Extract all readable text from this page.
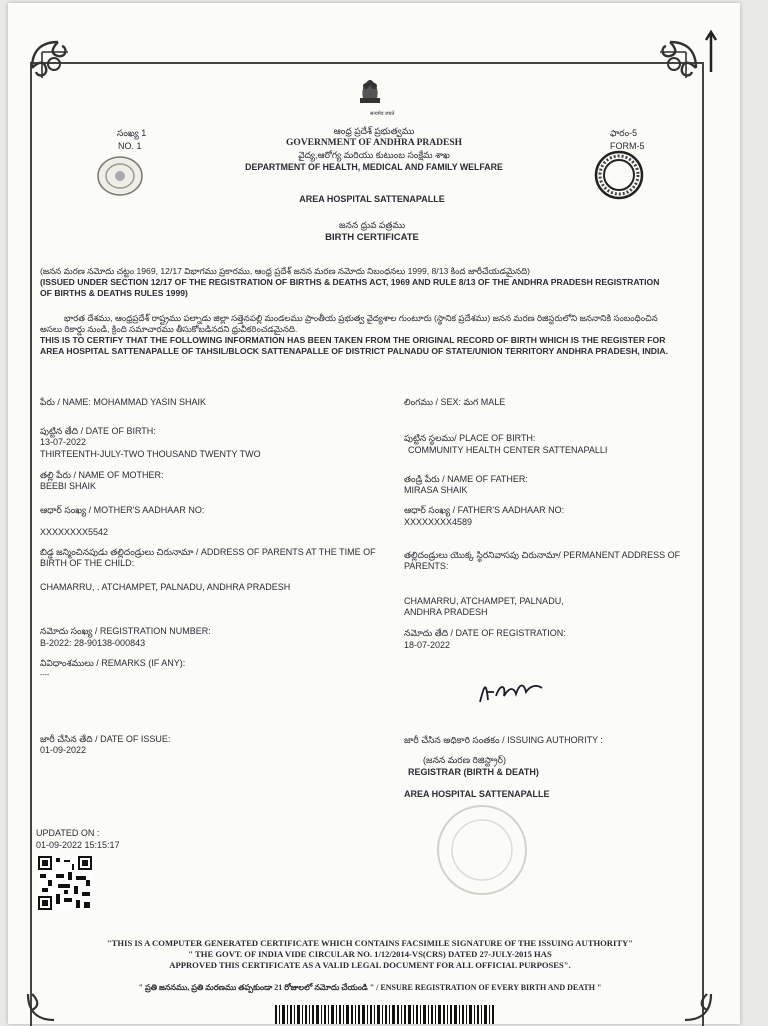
सत्यमेव जयते
సంఖ్య 1
NO. 1
ఆంధ్ర ప్రదేశ్ ప్రభుత్వము
GOVERNMENT OF ANDHRA PRADESH
వైద్య,ఆరోగ్య మరియు కుటుంబ సంక్షేమ శాఖ
DEPARTMENT OF HEALTH, MEDICAL AND FAMILY WELFARE
ఫారం-5
FORM-5
AREA HOSPITAL SATTENAPALLE
జనన ధ్రువ పత్రము
BIRTH CERTIFICATE
(జనన మరణ నమోదు చట్టం 1969, 12/17 విభాగము ప్రకారము, ఆంధ్ర ప్రదేశ్ జనన మరణ నమోదు నిబంధనలు 1999, 8/13 కింద జారీచేయడమైనది)
(ISSUED UNDER SECTION 12/17 OF THE REGISTRATION OF BIRTHS & DEATHS ACT, 1969 AND RULE 8/13 OF THE ANDHRA PRADESH REGISTRATION OF BIRTHS & DEATHS RULES 1999)
భారత దేశము, ఆంధ్రప్రదేశ్ రాష్ట్రము పల్నాడు జిల్లా సత్తెనపల్లి మండలము ప్రాంతీయ ప్రభుత్వ వైద్యశాల గుంటూరు (స్థానిక ప్రదేశము) జనన మరణ రిజిస్టరులోని జననానికి సంబంధించిన అసలు రికార్డు నుండి, క్రింది సమాచారము తీసుకోబడినదని ధ్రువీకరించడమైనది.
THIS IS TO CERTIFY THAT THE FOLLOWING INFORMATION HAS BEEN TAKEN FROM THE ORIGINAL RECORD OF BIRTH WHICH IS THE REGISTER FOR AREA HOSPITAL SATTENAPALLE OF TAHSIL/BLOCK SATTENAPALLE OF DISTRICT PALNADU OF STATE/UNION TERRITORY ANDHRA PRADESH, INDIA.
పేరు / NAME: MOHAMMAD YASIN SHAIK	లింగము / SEX: మగ MALE
పుట్టిన తేది / DATE OF BIRTH:
13-07-2022
THIRTEENTH-JULY-TWO THOUSAND TWENTY TWO
పుట్టిన స్థలము/ PLACE OF BIRTH:
COMMUNITY HEALTH CENTER SATTENAPALLI
తల్లి పేరు / NAME OF MOTHER:
BEEBI SHAIK
తండ్రి పేరు / NAME OF FATHER:
MIRASA SHAIK
ఆధార్ సంఖ్య / MOTHER'S AADHAAR NO:
XXXXXXXX5542
ఆధార్ సంఖ్య / FATHER'S AADHAAR NO:
XXXXXXXX4589
బిడ్డ జన్మించినపుడు తల్లిదండ్రులు చిరునామా / ADDRESS OF PARENTS AT THE TIME OF BIRTH OF THE CHILD:
CHAMARRU, . ATCHAMPET, PALNADU, ANDHRA PRADESH
తల్లిదండ్రులు యొక్క స్థిరనివాసపు చిరునామా/ PERMANENT ADDRESS OF PARENTS:
CHAMARRU, ATCHAMPET, PALNADU,
ANDHRA PRADESH
నమోదు సంఖ్య / REGISTRATION NUMBER:
B-2022: 28-90138-000843
నమోదు తేది / DATE OF REGISTRATION:
18-07-2022
వివిధాంశములు / REMARKS (IF ANY):
----
జారీ చేసిన తేది / DATE OF ISSUE:
01-09-2022
జారీ చేసిన అధికారి సంతకం / ISSUING AUTHORITY :
(జనన మరణ రిజిస్ట్రార్)
REGISTRAR (BIRTH & DEATH)
AREA HOSPITAL SATTENAPALLE
UPDATED ON :
01-09-2022 15:15:17
"THIS IS A COMPUTER GENERATED CERTIFICATE WHICH CONTAINS FACSIMILE SIGNATURE OF THE ISSUING AUTHORITY"
" THE GOVT. OF INDIA VIDE CIRCULAR NO. 1/12/2014-VS(CRS) DATED 27-JULY-2015 HAS
APPROVED THIS CERTIFICATE AS A VALID LEGAL DOCUMENT FOR ALL OFFICIAL PURPOSES".
" ప్రతి జననము, ప్రతి మరణము తప్పకుండా 21 రోజులలో నమోదు చేయండి " / ENSURE REGISTRATION OF EVERY BIRTH AND DEATH "
